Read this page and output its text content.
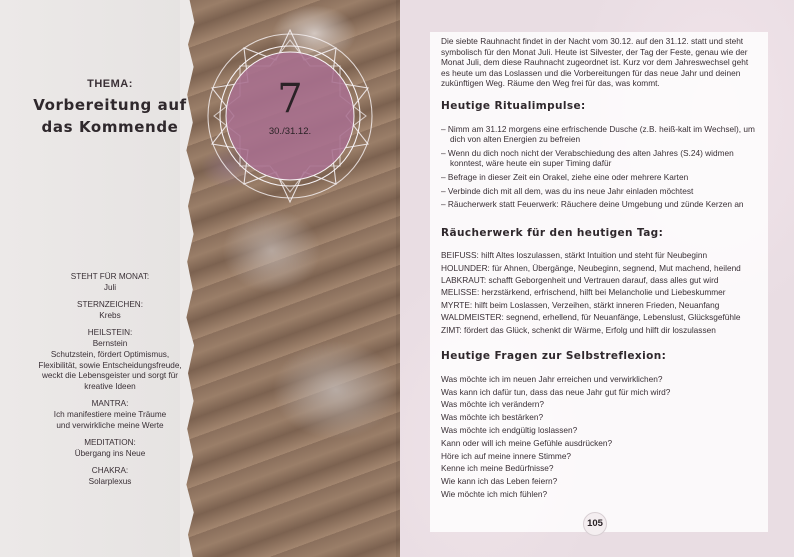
THEMA:
Vorbereitung auf
das Kommende
STEHT FÜR MONAT:
Juli
STERNZEICHEN:
Krebs
HEILSTEIN:
Bernstein
Schutzstein, fördert Optimismus,
Flexibilität, sowie Entscheidungsfreude,
weckt die Lebensgeister und sorgt für
kreative Ideen
MANTRA:
Ich manifestiere meine Träume
und verwirkliche meine Werte
MEDITATION:
Übergang ins Neue
CHAKRA:
Solarplexus
7
30./31.12.

Die siebte Rauhnacht findet in der Nacht vom 30.12. auf den 31.12. statt und steht symbolisch für den Monat Juli. Heute ist Silvester, der Tag der Feste, genau wie der Monat Juli, dem diese Rauhnacht zugeordnet ist. Kurz vor dem Jahreswechsel geht es heute um das Loslassen und die Vorbereitungen für das neue Jahr und deinen zukünftigen Weg. Räume den Weg frei für das, was kommt.

Heutige Ritualimpulse:
– Nimm am 31.12 morgens eine erfrischende Dusche (z.B. heiß-kalt im Wechsel), um dich von alten Energien zu befreien
– Wenn du dich noch nicht der Verabschiedung des alten Jahres (S.24) widmen konntest, wäre heute ein super Timing dafür
– Befrage in dieser Zeit ein Orakel, ziehe eine oder mehrere Karten
– Verbinde dich mit all dem, was du ins neue Jahr einladen möchtest
– Räucherwerk statt Feuerwerk: Räuchere deine Umgebung und zünde Kerzen an
Räucherwerk für den heutigen Tag:
BEIFUSS: hilft Altes loszulassen, stärkt Intuition und steht für Neubeginn
HOLUNDER: für Ahnen, Übergänge, Neubeginn, segnend, Mut machend, heilend
LABKRAUT: schafft Geborgenheit und Vertrauen darauf, dass alles gut wird
MELISSE: herzstärkend, erfrischend, hilft bei Melancholie und Liebeskummer
MYRTE: hilft beim Loslassen, Verzeihen, stärkt inneren Frieden, Neuanfang
WALDMEISTER: segnend, erhellend, für Neuanfänge, Lebenslust, Glücksgefühle
ZIMT: fördert das Glück, schenkt dir Wärme, Erfolg und hilft dir loszulassen
Heutige Fragen zur Selbstreflexion:
Was möchte ich im neuen Jahr erreichen und verwirklichen?
Was kann ich dafür tun, dass das neue Jahr gut für mich wird?
Was möchte ich verändern?
Was möchte ich bestärken?
Was möchte ich endgültig loslassen?
Kann oder will ich meine Gefühle ausdrücken?
Höre ich auf meine innere Stimme?
Kenne ich meine Bedürfnisse?
Wie kann ich das Leben feiern?
Wie möchte ich mich fühlen?
105
